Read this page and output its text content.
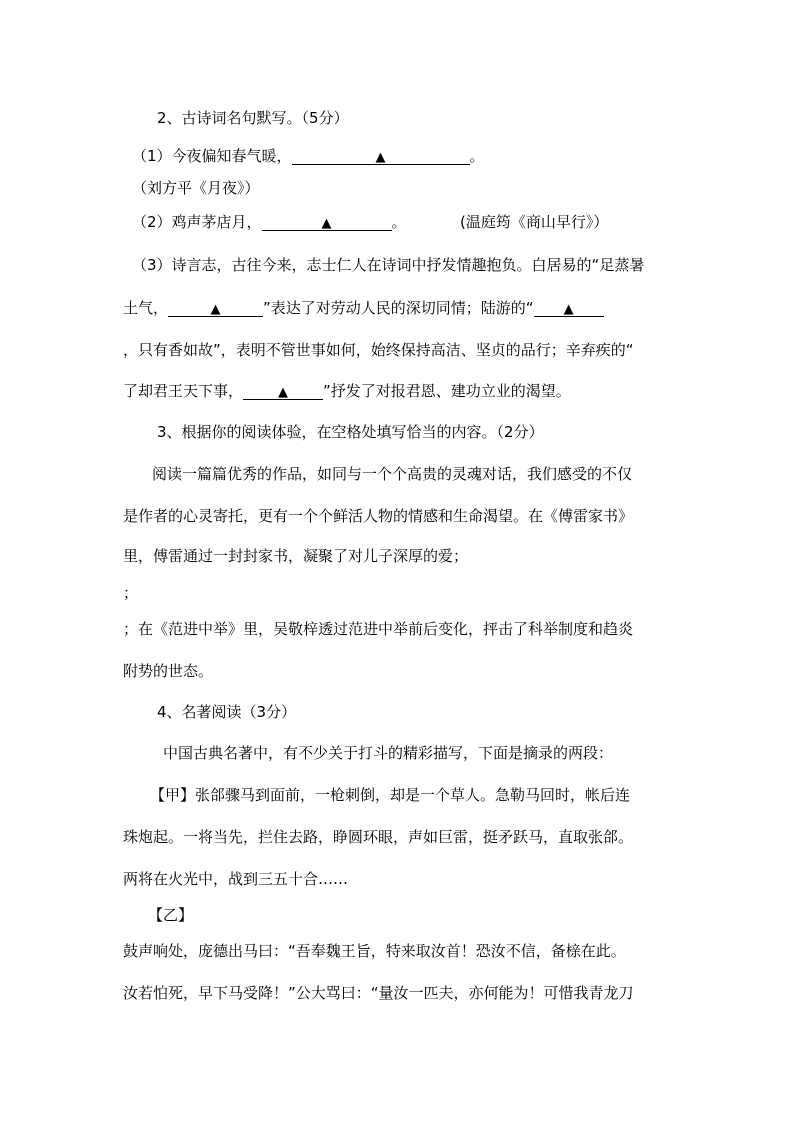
2、古诗词名句默写。（5分）
（1）今夜偏知春气暖，	▲	。
（刘方平《月夜》）
（2）鸡声茅店月，	▲	。	(温庭筠《商山早行》）
（3）诗言志，古往今来，志士仁人在诗词中抒发情趣抱负。白居易的“足蒸暑
土气，	▲	”表达了对劳动人民的深切同情；陆游的“ ▲
，只有香如故”，表明不管世事如何，始终保持高洁、坚贞的品行；辛弃疾的“
了却君王天下事，	▲ ”抒发了对报君恩、建功立业的渴望。
3、根据你的阅读体验，在空格处填写恰当的内容。（2分）
阅读一篇篇优秀的作品，如同与一个个高贵的灵魂对话，我们感受的不仅
是作者的心灵寄托，更有一个个鲜活人物的情感和生命渴望。在《傅雷家书》
里，傅雷通过一封封家书，凝聚了对儿子深厚的爱；
；
；在《范进中举》里，吴敬梓透过范进中举前后变化，抨击了科举制度和趋炎
附势的世态。
4、名著阅读（3分）
中国古典名著中，有不少关于打斗的精彩描写，下面是摘录的两段：
【甲】张郃骤马到面前，一枪刺倒，却是一个草人。急勒马回时，帐后连
珠炮起。一将当先，拦住去路，睁圆环眼，声如巨雷，挺矛跃马，直取张郃。
两将在火光中，战到三五十合……
【乙】
鼓声响处，庞德出马曰：“吾奉魏王旨，特来取汝首！恐汝不信，备榇在此。
汝若怕死，早下马受降！”公大骂曰：“量汝一匹夫，亦何能为！可惜我青龙刀
